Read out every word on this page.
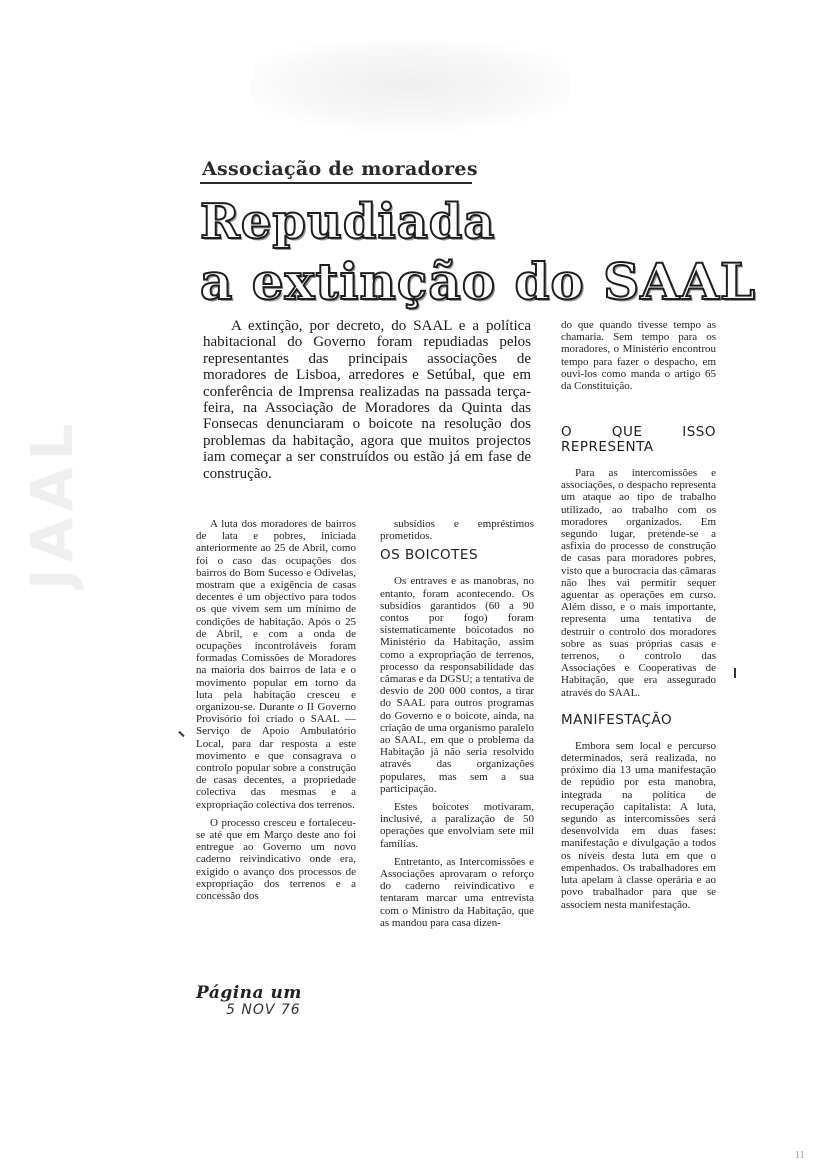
JAAL
Associação de moradores
Repudiada
a extinção do SAAL

A extinção, por decreto, do SAAL e a política habitacional do Governo foram repudiadas pelos representantes das principais associações de moradores de Lisboa, arredores e Setúbal, que em conferência de Imprensa realizadas na passada terça-feira, na Associação de Moradores da Quinta das Fonsecas denunciaram o boicote na resolução dos problemas da habitação, agora que muitos projectos iam começar a ser construídos ou estão já em fase de construção.

do que quando tivesse tempo as chamaria. Sem tempo para os moradores, o Ministério encontrou tempo para fazer o despacho, em ouvi-los como manda o artigo 65 da Constituição.

A luta dos moradores de bairros de lata e pobres, iniciada anteriormente ao 25 de Abril, como foi o caso das ocupações dos bairros do Bom Sucesso e Odivelas, mostram que a exigência de casas decentes é um objectivo para todos os que vivem sem um mínimo de condições de habitação. Após o 25 de Abril, e com a onda de ocupações incontroláveis foram formadas Comissões de Moradores na maioria dos bairros de lata e o movimento popular em torno da luta pela habitação cresceu e organizou-se. Durante o II Governo Provisório foi criado o SAAL — Serviço de Apoio Ambulatório Local, para dar resposta a este movimento e que consagrava o controlo popular sobre a construção de casas decentes, a propriedade colectiva das mesmas e a expropriação colectiva dos terrenos.

O processo cresceu e fortaleceu-se até que em Março deste ano foi entregue ao Governo um novo caderno reivindicativo onde era, exigido o avanço dos processos de expropriação dos terrenos e a concessão dos

subsídios e empréstimos prometidos.

OS BOICOTES

Os entraves e as manobras, no entanto, foram acontecendo. Os subsídios garantidos (60 a 90 contos por fogo) foram sistematicamente boicotados no Ministério da Habitação, assim como a expropriação de terrenos, processo da responsabilidade das câmaras e da DGSU; a tentativa de desvio de 200 000 contos, a tirar do SAAL para outros programas do Governo e o boicote, ainda, na criação de uma organismo paralelo ao SAAL, em que o problema da Habitação já não seria resolvido através das organizações populares, mas sem a sua participação.

Estes boicotes motivaram, inclusivé, a paralização de 50 operações que envolviam sete mil famílias.

Entretanto, as Intercomissões e Associações aprovaram o reforço do caderno reivindicativo e tentaram marcar uma entrevista com o Ministro da Habitação, que as mandou para casa dizen-

O QUE ISSO REPRESENTA

Para as intercomissões e associações, o despacho representa um ataque ao tipo de trabalho utilizado, ao trabalho com os moradores organizados. Em segundo lugar, pretende-se a asfixia do processo de construção de casas para moradores pobres, visto que a burocracia das câmaras não lhes vai permitir sequer aguentar as operações em curso. Além disso, e o mais importante, representa uma tentativa de destruir o controlo dos moradores sobre as suas próprias casas e terrenos, o controlo das Associações e Cooperativas de Habitação, que era assegurado através do SAAL.

MANIFESTAÇÃO

Embora sem local e percurso determinados, será realizada, no próximo dia 13 uma manifestação de repúdio por esta manobra, integrada na política de recuperação capitalista: A luta, segundo as intercomissões será desenvolvida em duas fases: manifestação e divulgação a todos os níveis desta luta em que o empenhados. Os trabalhadores em luta apelam à classe operária e ao povo trabalhador para que se associem nesta manifestação.

Página um
5 NOV 76
11
